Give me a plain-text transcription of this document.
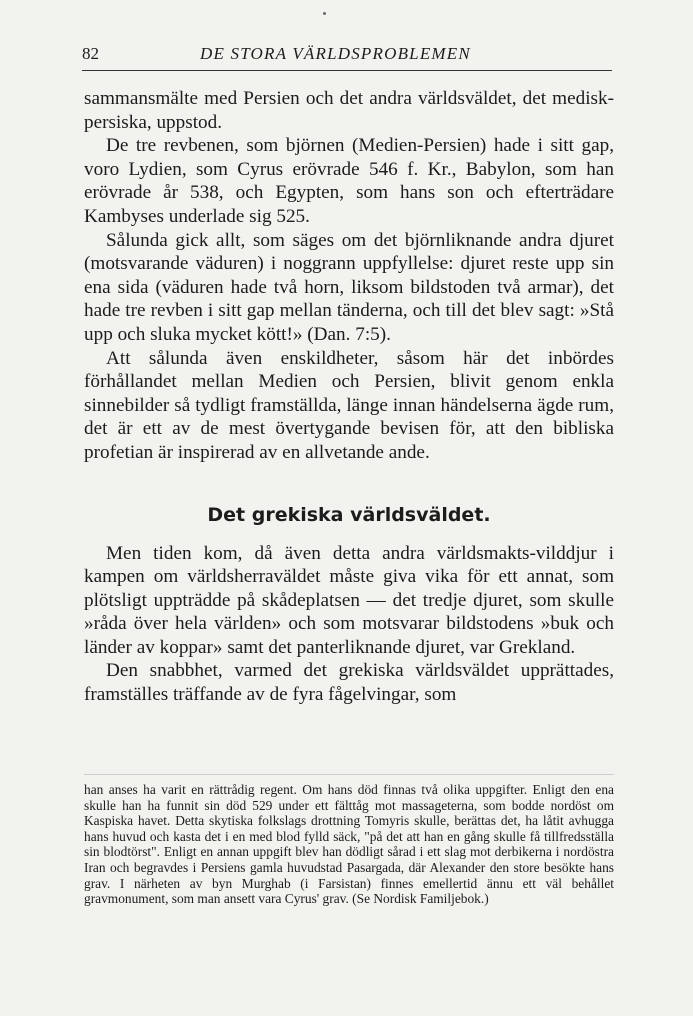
82	DE STORA VÄRLDSPROBLEMEN

sammansmälte med Persien och det andra världsväldet, det medisk-persiska, uppstod.

De tre revbenen, som björnen (Medien-Persien) hade i sitt gap, voro Lydien, som Cyrus erövrade 546 f. Kr., Babylon, som han erövrade år 538, och Egypten, som hans son och efterträdare Kambyses underlade sig 525.

Sålunda gick allt, som säges om det björnliknande andra djuret (motsvarande väduren) i noggrann uppfyllelse: djuret reste upp sin ena sida (väduren hade två horn, liksom bildstoden två armar), det hade tre revben i sitt gap mellan tänderna, och till det blev sagt: »Stå upp och sluka mycket kött!» (Dan. 7:5).

Att sålunda även enskildheter, såsom här det inbördes förhållandet mellan Medien och Persien, blivit genom enkla sinnebilder så tydligt framställda, länge innan händelserna ägde rum, det är ett av de mest övertygande bevisen för, att den bibliska profetian är inspirerad av en allvetande ande.

Det grekiska världsväldet.

Men tiden kom, då även detta andra världsmakts-vilddjur i kampen om världsherraväldet måste giva vika för ett annat, som plötsligt uppträdde på skådeplatsen — det tredje djuret, som skulle »råda över hela världen» och som motsvarar bildstodens »buk och länder av koppar» samt det panterliknande djuret, var Grekland.

Den snabbhet, varmed det grekiska världsväldet upprättades, framställes träffande av de fyra fågelvingar, som

han anses ha varit en rättrådig regent. Om hans död finnas två olika uppgifter. Enligt den ena skulle han ha funnit sin död 529 under ett fälttåg mot massageterna, som bodde nordöst om Kaspiska havet. Detta skytiska folkslags drottning Tomyris skulle, berättas det, ha låtit avhugga hans huvud och kasta det i en med blod fylld säck, "på det att han en gång skulle få tillfredsställa sin blodtörst". Enligt en annan uppgift blev han dödligt sårad i ett slag mot derbikerna i nordöstra Iran och begravdes i Persiens gamla huvudstad Pasargada, där Alexander den store besökte hans grav. I närheten av byn Murghab (i Farsistan) finnes emellertid ännu ett väl behållet gravmonument, som man ansett vara Cyrus' grav. (Se Nordisk Familjebok.)
